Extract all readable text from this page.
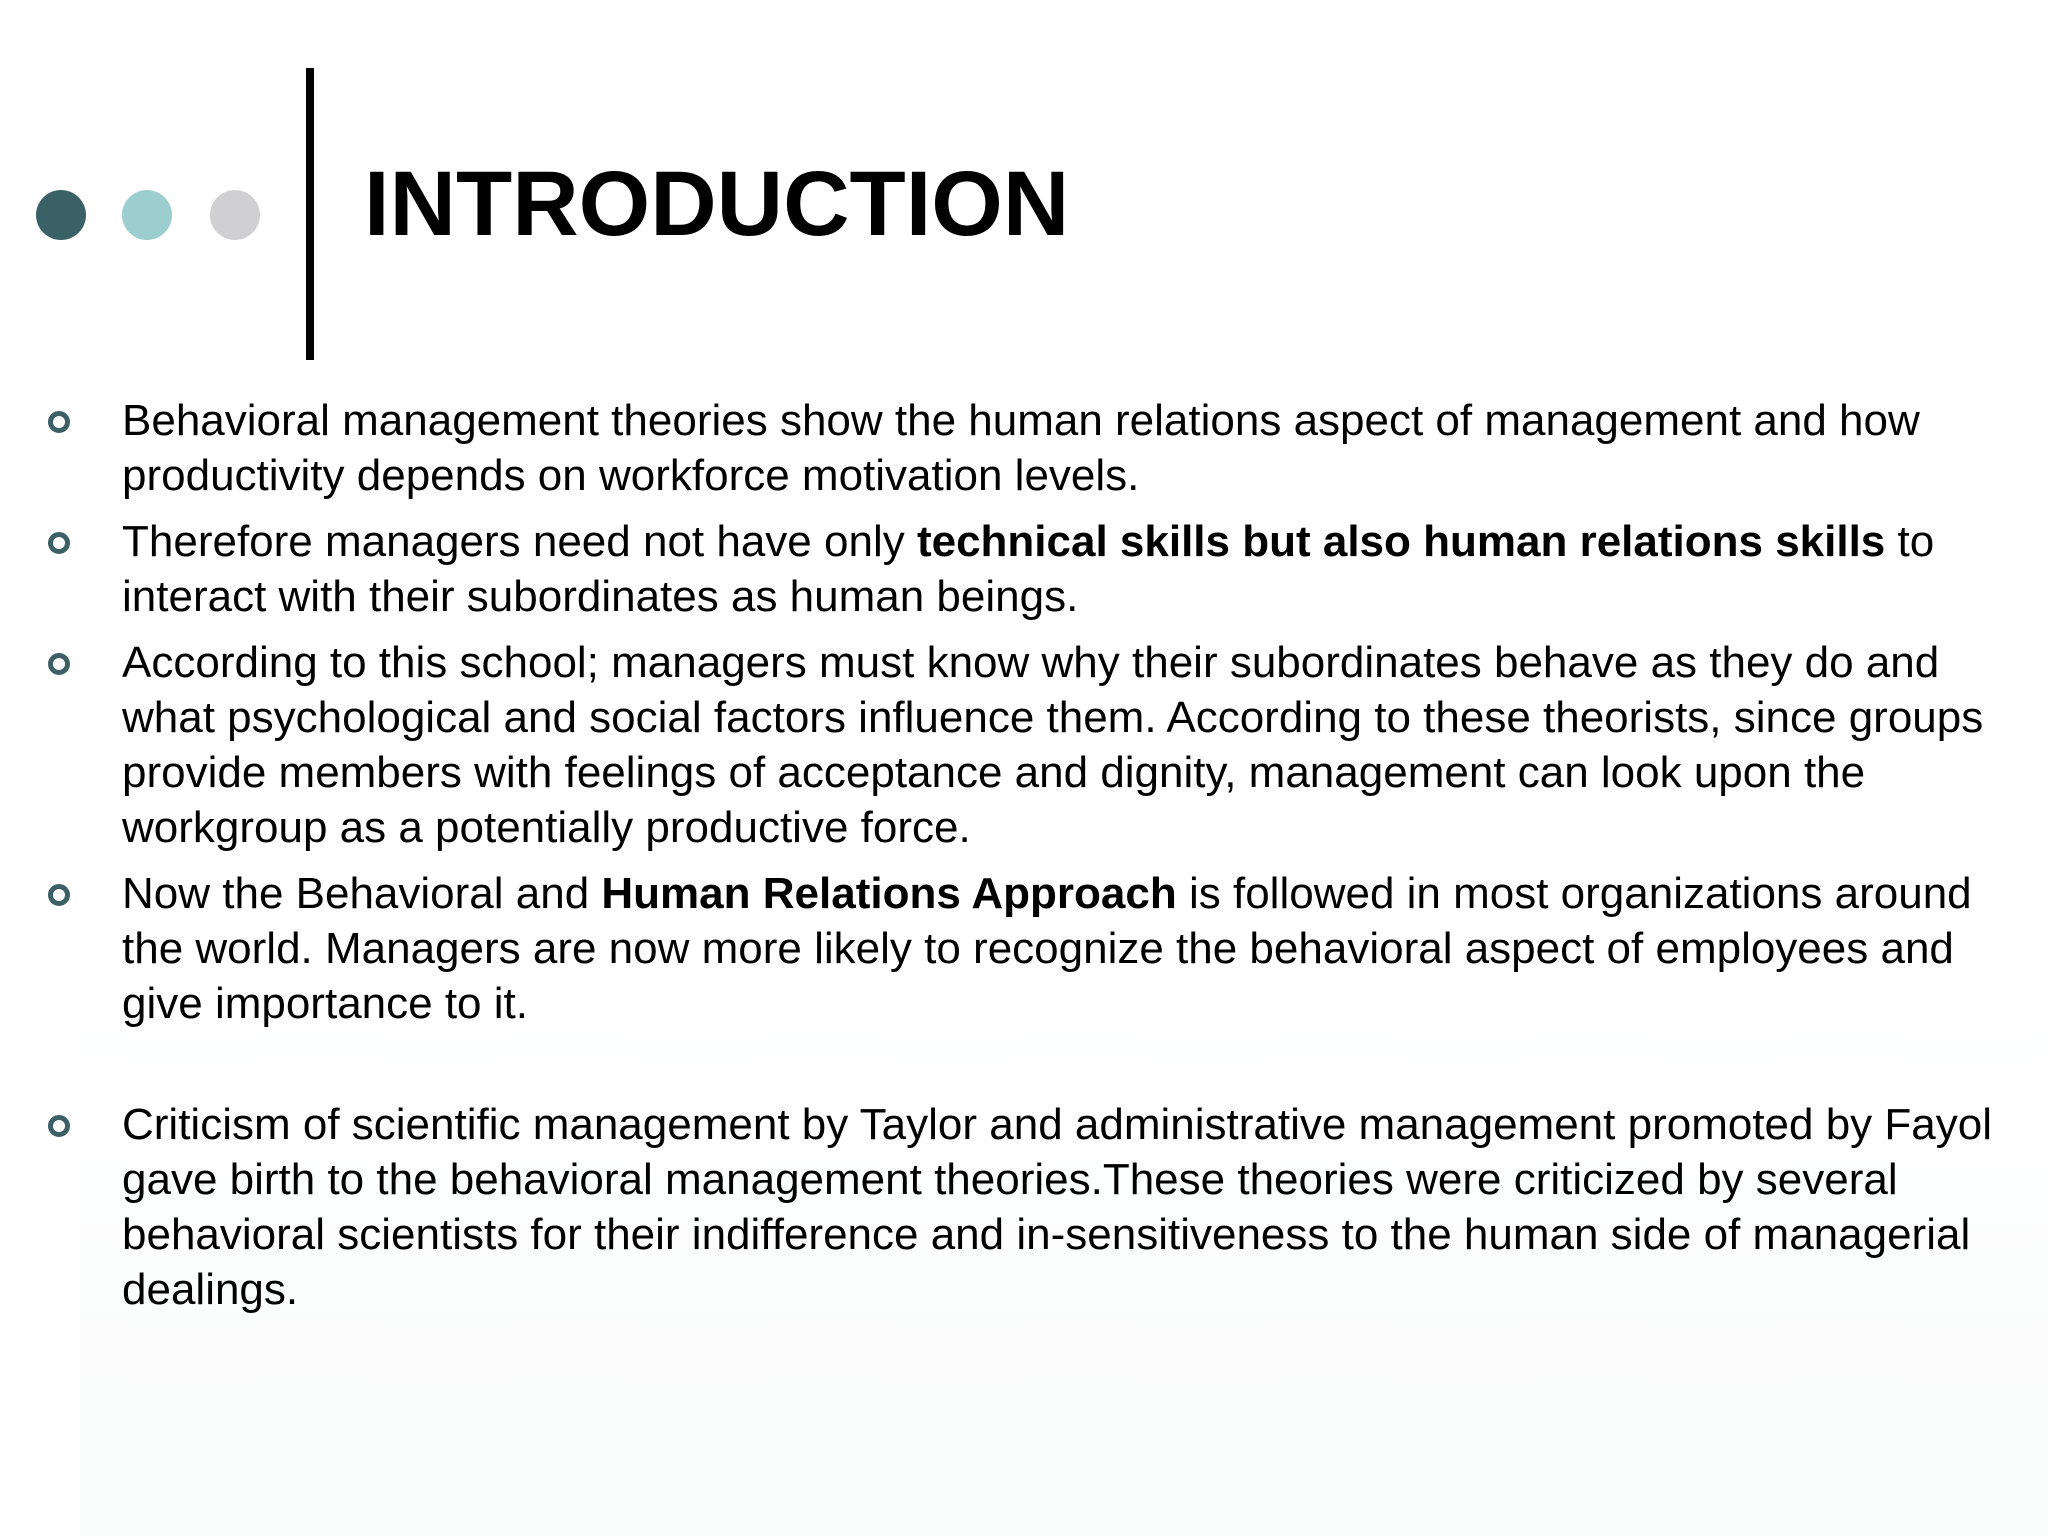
INTRODUCTION
Behavioral management theories show the human relations aspect of management and how productivity depends on workforce motivation levels.
Therefore managers need not have only technical skills but also human relations skills to interact with their subordinates as human beings.
According to this school; managers must know why their subordinates behave as they do and what psychological and social factors influence them. According to these theorists, since groups provide members with feelings of acceptance and dignity, management can look upon the workgroup as a potentially productive force.
Now the Behavioral and Human Relations Approach is followed in most organizations around the world. Managers are now more likely to recognize the behavioral aspect of employees and give importance to it.
Criticism of scientific management by Taylor and administrative management promoted by Fayol gave birth to the behavioral management theories.These theories were criticized by several behavioral scientists for their indifference and in-sensitiveness to the human side of managerial dealings.
